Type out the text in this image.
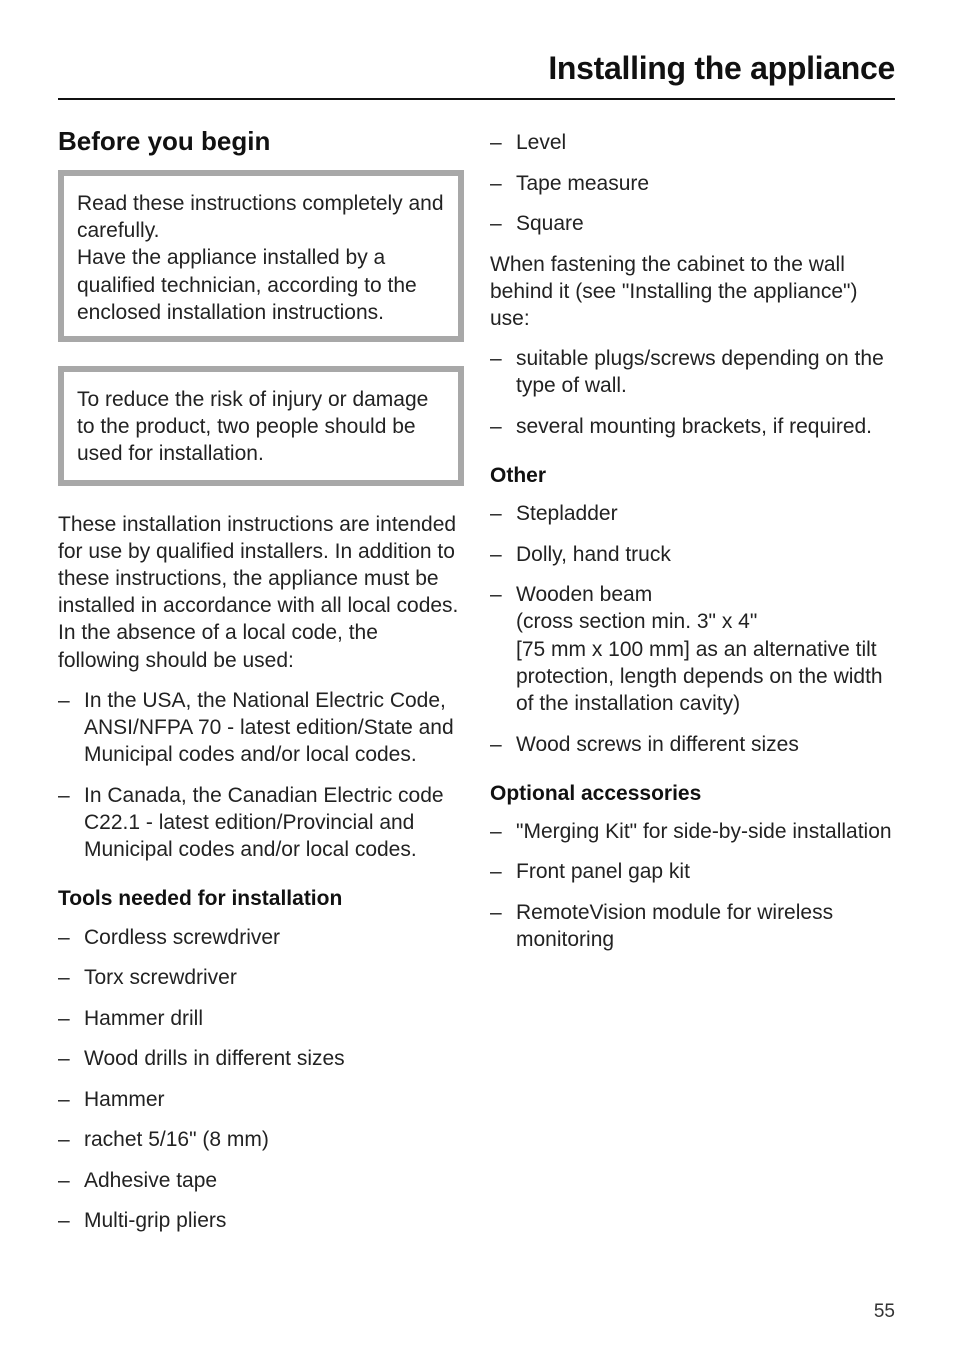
Installing the appliance
Before you begin
Read these instructions completely and carefully.
Have the appliance installed by a qualified technician, according to the enclosed installation instructions.
To reduce the risk of injury or damage to the product, two people should be used for installation.

These installation instructions are intended for use by qualified installers. In addition to these instructions, the appliance must be installed in accordance with all local codes. In the absence of a local code, the following should be used:

– In the USA, the National Electric Code, ANSI/NFPA 70 - latest edition/State and Municipal codes and/or local codes.
– In Canada, the Canadian Electric code C22.1 - latest edition/Provincial and Municipal codes and/or local codes.
Tools needed for installation
– Cordless screwdriver
– Torx screwdriver
– Hammer drill
– Wood drills in different sizes
– Hammer
– rachet 5/16" (8 mm)
– Adhesive tape
– Multi-grip pliers
– Level
– Tape measure
– Square

When fastening the cabinet to the wall behind it (see "Installing the appliance") use:

– suitable plugs/screws depending on the type of wall.
– several mounting brackets, if required.
Other
– Stepladder
– Dolly, hand truck
– Wooden beam
(cross section min. 3" x 4"
[75 mm x 100 mm] as an alternative tilt protection, length depends on the width of the installation cavity)
– Wood screws in different sizes
Optional accessories
– "Merging Kit" for side-by-side installation
– Front panel gap kit
– RemoteVision module for wireless monitoring
55
